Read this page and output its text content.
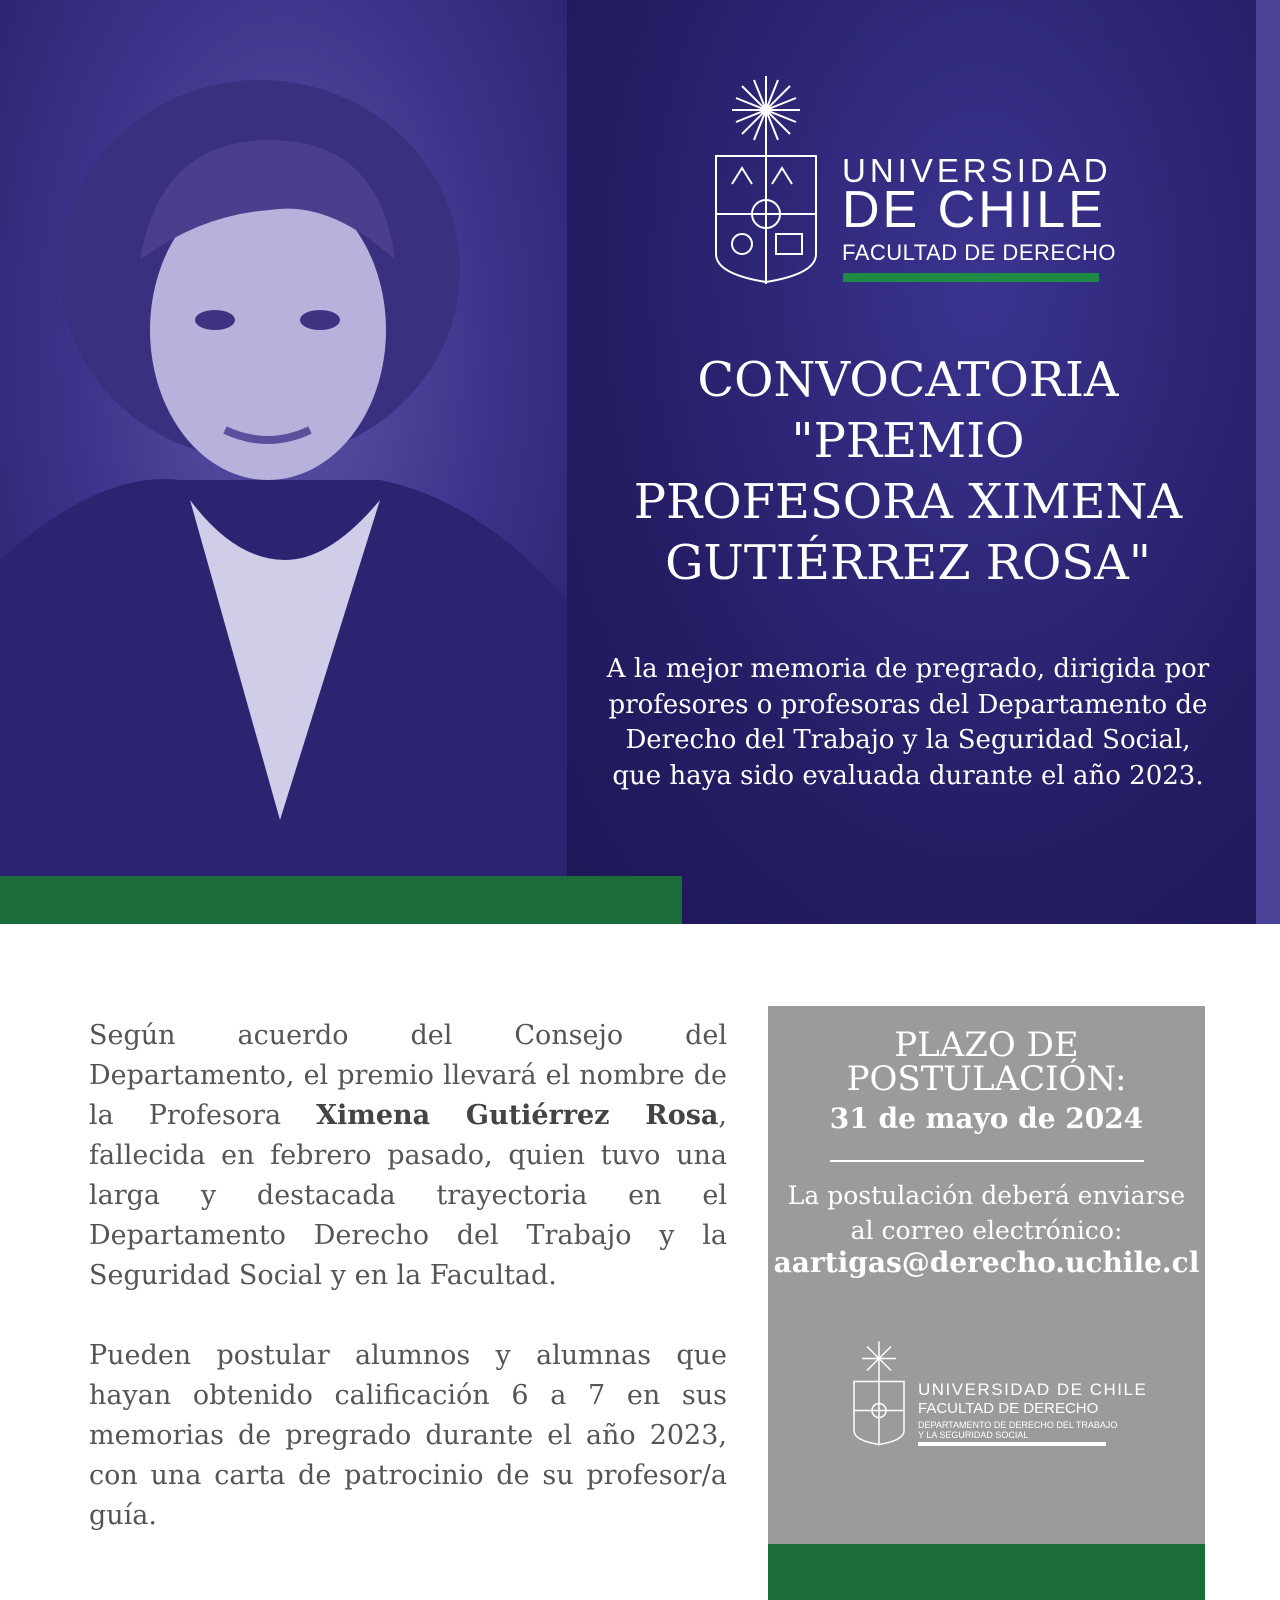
UNIVERSIDAD
DE CHILE
FACULTAD DE DERECHO
CONVOCATORIA
"PREMIO
PROFESORA XIMENA
GUTIÉRREZ ROSA"
A la mejor memoria de pregrado, dirigida por profesores o profesoras del Departamento de Derecho del Trabajo y la Seguridad Social, que haya sido evaluada durante el año 2023.

Según acuerdo del Consejo del Departamento, el premio llevará el nombre de la Profesora Ximena Gutiérrez Rosa, fallecida en febrero pasado, quien tuvo una larga y destacada trayectoria en el Departamento Derecho del Trabajo y la Seguridad Social y en la Facultad.

Pueden postular alumnos y alumnas que hayan obtenido calificación 6 a 7 en sus memorias de pregrado durante el año 2023, con una carta de patrocinio de su profesor/a guía.

PLAZO DE
POSTULACIÓN:
31 de mayo de 2024
La postulación deberá enviarse
al correo electrónico:
aartigas@derecho.uchile.cl
UNIVERSIDAD DE CHILE
FACULTAD DE DERECHO
DEPARTAMENTO DE DERECHO DEL TRABAJO
Y LA SEGURIDAD SOCIAL
